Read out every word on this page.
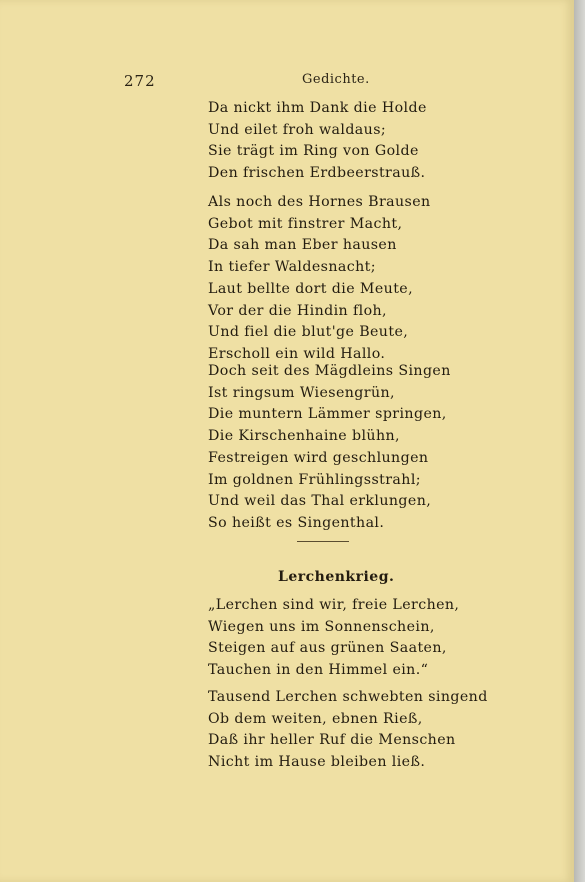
272	Gedichte.
Da nickt ihm Dank die Holde
Und eilet froh waldaus;
Sie trägt im Ring von Golde
Den frischen Erdbeerstrauß.
Als noch des Hornes Brausen
Gebot mit finstrer Macht,
Da sah man Eber hausen
In tiefer Waldesnacht;
Laut bellte dort die Meute,
Vor der die Hindin floh,
Und fiel die blut'ge Beute,
Erscholl ein wild Hallo.
Doch seit des Mägdleins Singen
Ist ringsum Wiesengrün,
Die muntern Lämmer springen,
Die Kirschenhaine blühn,
Festreigen wird geschlungen
Im goldnen Frühlingsstrahl;
Und weil das Thal erklungen,
So heißt es Singenthal.
Lerchenkrieg.
„Lerchen sind wir, freie Lerchen,
Wiegen uns im Sonnenschein,
Steigen auf aus grünen Saaten,
Tauchen in den Himmel ein.“
Tausend Lerchen schwebten singend
Ob dem weiten, ebnen Rieß,
Daß ihr heller Ruf die Menschen
Nicht im Hause bleiben ließ.
